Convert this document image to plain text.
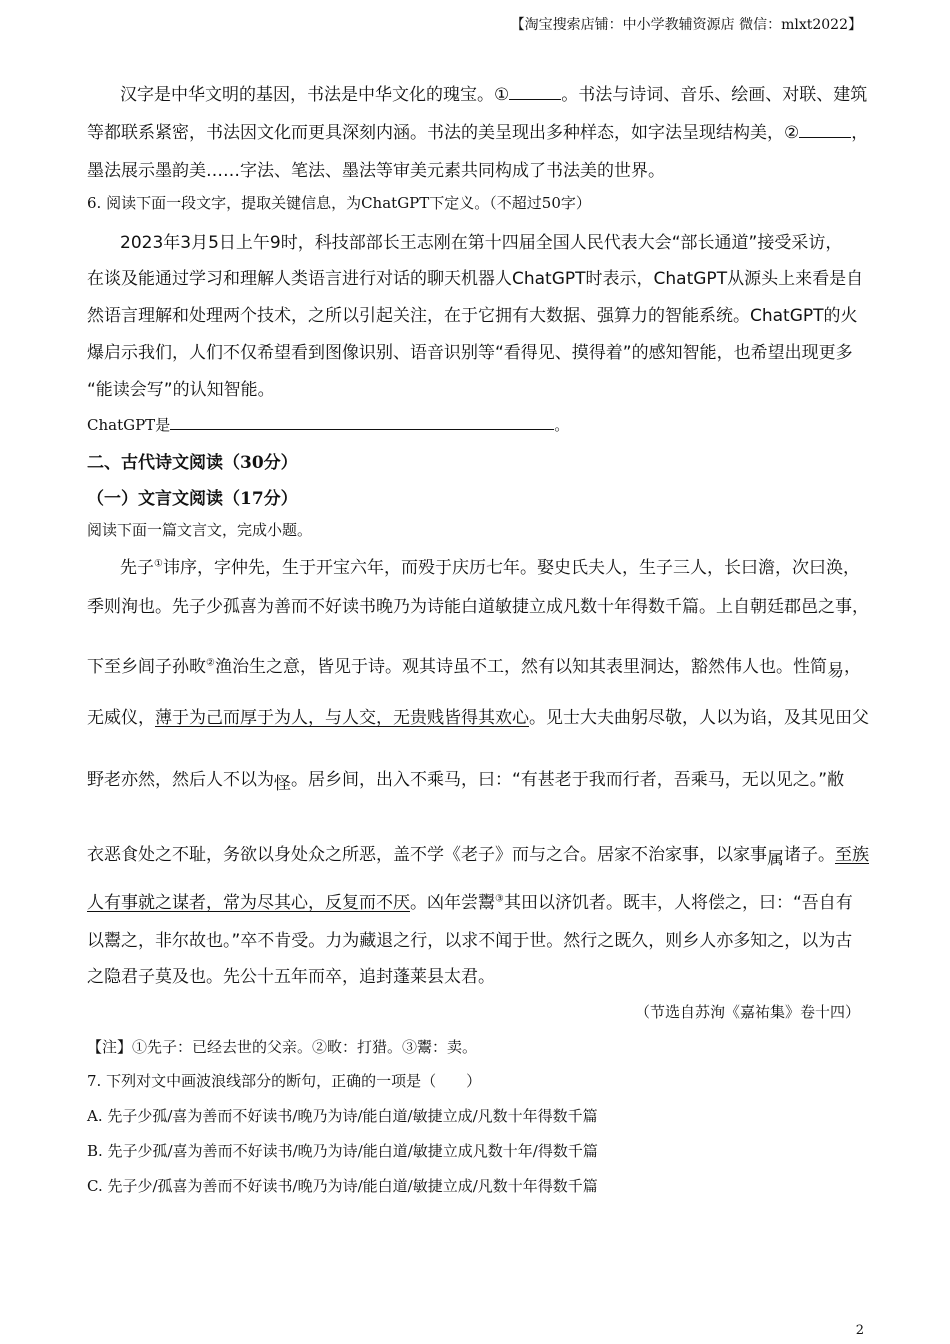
【淘宝搜索店铺：中小学教辅资源店 微信：mlxt2022】
汉字是中华文明的基因，书法是中华文化的瑰宝。①	。书法与诗词、音乐、绘画、对联、建筑
等都联系紧密，书法因文化而更具深刻内涵。书法的美呈现出多种样态，如字法呈现结构美，②	，
墨法展示墨韵美……字法、笔法、墨法等审美元素共同构成了书法美的世界。
6. 阅读下面一段文字，提取关键信息，为ChatGPT下定义。（不超过50字）
2023年3月5日上午9时，科技部部长王志刚在第十四届全国人民代表大会“部长通道”接受采访，
在谈及能通过学习和理解人类语言进行对话的聊天机器人ChatGPT时表示，ChatGPT从源头上来看是自
然语言理解和处理两个技术，之所以引起关注，在于它拥有大数据、强算力的智能系统。ChatGPT的火
爆启示我们，人们不仅希望看到图像识别、语音识别等“看得见、摸得着”的感知智能，也希望出现更多
“能读会写”的认知智能。
ChatGPT是	。
二、古代诗文阅读（30分）
（一）文言文阅读（17分）
阅读下面一篇文言文，完成小题。
先子①讳序，字仲先，生于开宝六年，而殁于庆历七年。娶史氏夫人，生子三人，长曰澹，次曰涣，
季则洵也。先子少孤喜为善而不好读书晚乃为诗能白道敏捷立成凡数十年得数千篇。上自朝廷郡邑之事，
下至乡闾子孙畋②渔治生之意，皆见于诗。观其诗虽不工，然有以知其表里洞达，豁然伟人也。性简易，
无威仪，薄于为己而厚于为人，与人交，无贵贱皆得其欢心。见士大夫曲躬尽敬，人以为谄，及其见田父
野老亦然，然后人不以为怪。居乡间，出入不乘马，曰：“有甚老于我而行者，吾乘马，无以见之。”敝
衣恶食处之不耻，务欲以身处众之所恶，盖不学《老子》而与之合。居家不治家事，以家事属诸子。至族
人有事就之谋者，常为尽其心，反复而不厌。凶年尝鬻③其田以济饥者。既丰，人将偿之，曰：“吾自有
以鬻之，非尔故也。”卒不肯受。力为藏退之行，以求不闻于世。然行之既久，则乡人亦多知之，以为古
之隐君子莫及也。先公十五年而卒，追封蓬莱县太君。
（节选自苏洵《嘉祐集》卷十四）
【注】①先子：已经去世的父亲。②畋：打猎。③鬻：卖。
7. 下列对文中画波浪线部分的断句，正确的一项是（　　）
A. 先子少孤/喜为善而不好读书/晚乃为诗/能白道/敏捷立成/凡数十年得数千篇
B. 先子少孤/喜为善而不好读书/晚乃为诗/能白道/敏捷立成凡数十年/得数千篇
C. 先子少/孤喜为善而不好读书/晚乃为诗/能白道/敏捷立成/凡数十年得数千篇
2
